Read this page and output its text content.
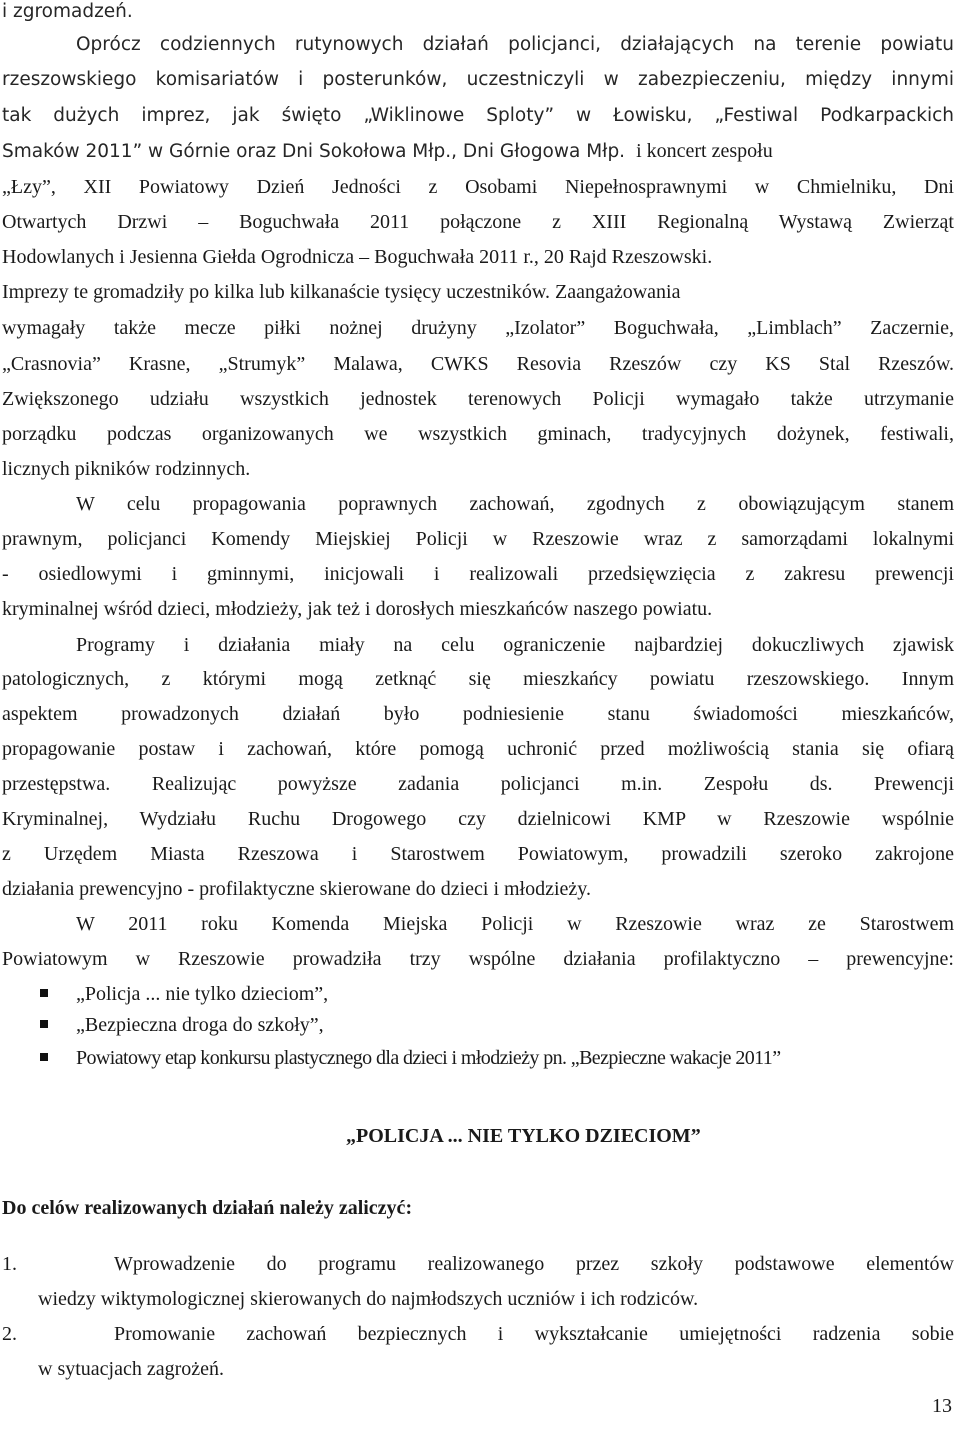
i zgromadzeń.
Oprócz codziennych rutynowych działań policjanci, działających na terenie powiatu
rzeszowskiego komisariatów i posterunków, uczestniczyli w zabezpieczeniu, między innymi
tak dużych imprez, jak święto „Wiklinowe Sploty” w Łowisku, „Festiwal Podkarpackich
Smaków 2011” w Górnie oraz Dni Sokołowa Młp., Dni Głogowa Młp. i koncert zespołu
„Łzy”, XII Powiatowy Dzień Jedności z Osobami Niepełnosprawnymi w Chmielniku, Dni
Otwartych Drzwi – Boguchwała 2011 połączone z XIII Regionalną Wystawą Zwierząt
Hodowlanych i Jesienna Giełda Ogrodnicza – Boguchwała 2011 r., 20 Rajd Rzeszowski.
Imprezy te gromadziły po kilka lub kilkanaście tysięcy uczestników. Zaangażowania
wymagały także mecze piłki nożnej drużyny „Izolator” Boguchwała, „Limblach” Zaczernie,
„Crasnovia” Krasne, „Strumyk” Malawa, CWKS Resovia Rzeszów czy KS Stal Rzeszów.
Zwiększonego udziału wszystkich jednostek terenowych Policji wymagało także utrzymanie
porządku podczas organizowanych we wszystkich gminach, tradycyjnych dożynek, festiwali,
licznych pikników rodzinnych.
W celu propagowania poprawnych zachowań, zgodnych z obowiązującym stanem
prawnym, policjanci Komendy Miejskiej Policji w Rzeszowie wraz z samorządami lokalnymi
- osiedlowymi i gminnymi, inicjowali i realizowali przedsięwzięcia z zakresu prewencji
kryminalnej wśród dzieci, młodzieży, jak też i dorosłych mieszkańców naszego powiatu.
Programy i działania miały na celu ograniczenie najbardziej dokuczliwych zjawisk
patologicznych, z którymi mogą zetknąć się mieszkańcy powiatu rzeszowskiego. Innym
aspektem prowadzonych działań było podniesienie stanu świadomości mieszkańców,
propagowanie postaw i zachowań, które pomogą uchronić przed możliwością stania się ofiarą
przestępstwa. Realizując powyższe zadania policjanci m.in. Zespołu ds. Prewencji
Kryminalnej, Wydziału Ruchu Drogowego czy dzielnicowi KMP w Rzeszowie wspólnie
z Urzędem Miasta Rzeszowa i Starostwem Powiatowym, prowadzili szeroko zakrojone
działania prewencyjno - profilaktyczne skierowane do dzieci i młodzieży.
W 2011 roku Komenda Miejska Policji w Rzeszowie wraz ze Starostwem
Powiatowym w Rzeszowie prowadziła trzy wspólne działania profilaktyczno – prewencyjne:
„Policja ... nie tylko dzieciom”,
„Bezpieczna droga do szkoły”,
Powiatowy etap konkursu plastycznego dla dzieci i młodzieży pn. „Bezpieczne wakacje 2011”
„POLICJA ... NIE TYLKO DZIECIOM”
Do celów realizowanych działań należy zaliczyć:
1.	Wprowadzenie do programu realizowanego przez szkoły podstawowe elementów
wiedzy wiktymologicznej skierowanych do najmłodszych uczniów i ich rodziców.
2.	Promowanie zachowań bezpiecznych i wykształcanie umiejętności radzenia sobie
w sytuacjach zagrożeń.
13
